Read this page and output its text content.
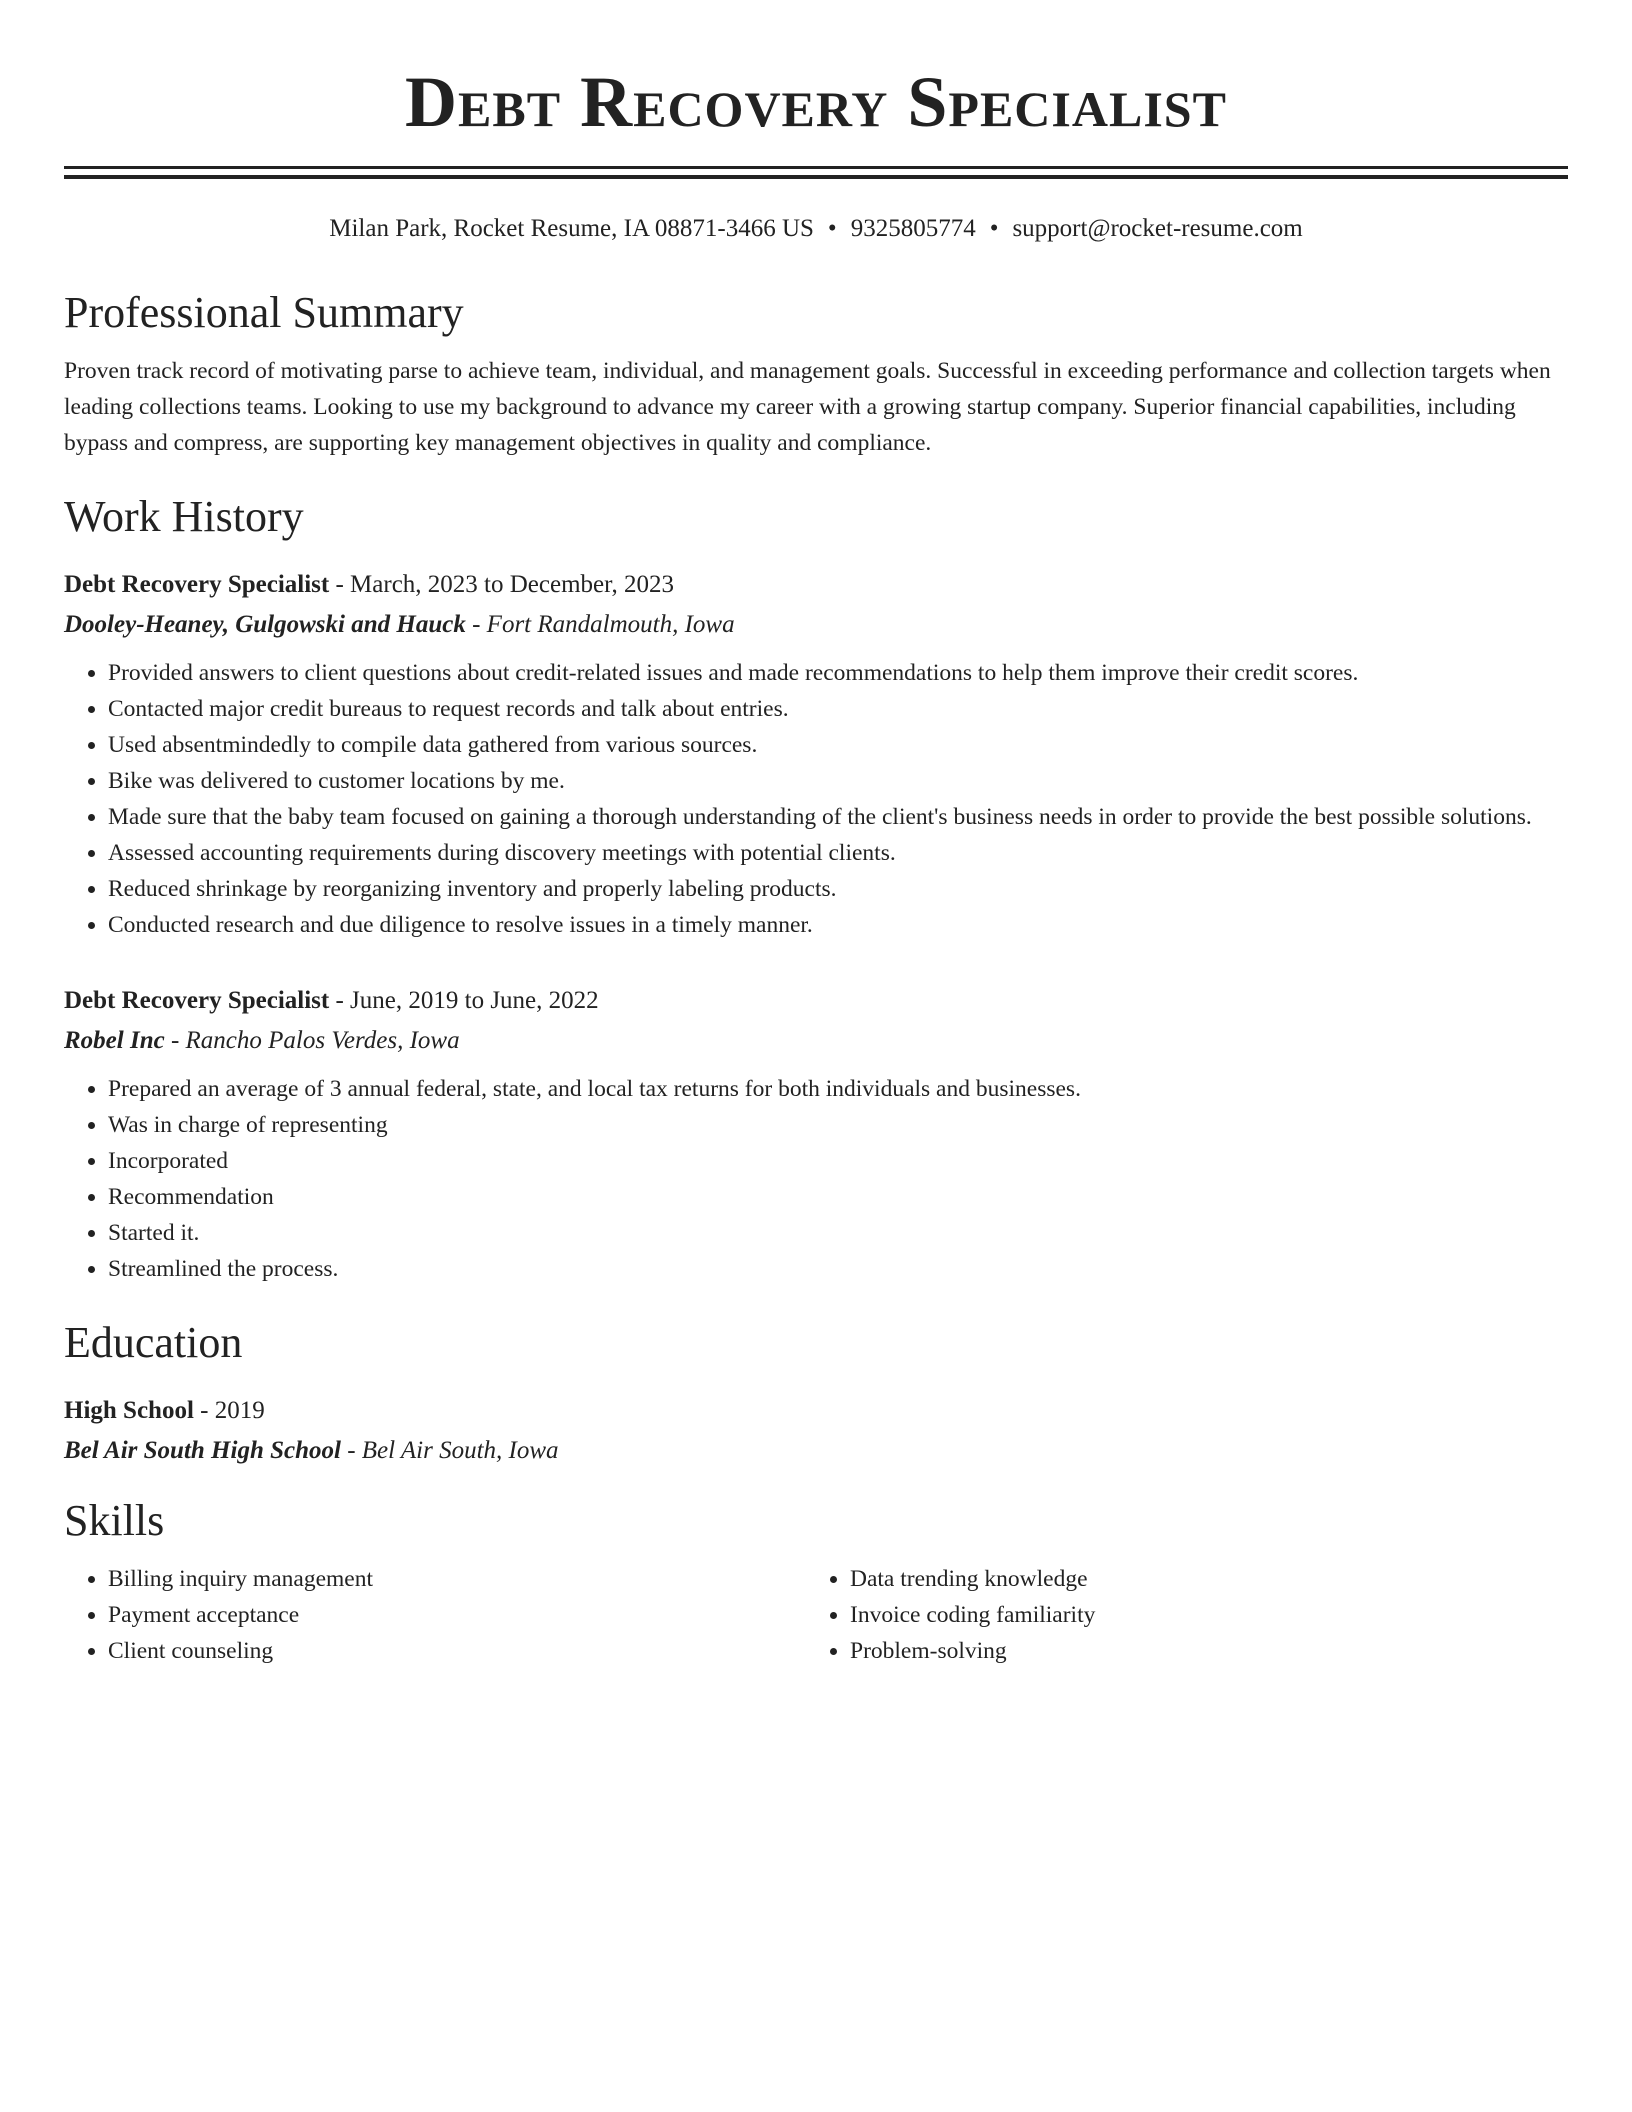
Debt Recovery Specialist
Milan Park, Rocket Resume, IA 08871-3466 US • 9325805774 • support@rocket-resume.com
Professional Summary

Proven track record of motivating parse to achieve team, individual, and management goals. Successful in exceeding performance and collection targets when leading collections teams. Looking to use my background to advance my career with a growing startup company. Superior financial capabilities, including bypass and compress, are supporting key management objectives in quality and compliance.

Work History
Debt Recovery Specialist - March, 2023 to December, 2023
Dooley-Heaney, Gulgowski and Hauck - Fort Randalmouth, Iowa
• Provided answers to client questions about credit-related issues and made recommendations to help them improve their credit scores.
• Contacted major credit bureaus to request records and talk about entries.
• Used absentmindedly to compile data gathered from various sources.
• Bike was delivered to customer locations by me.
• Made sure that the baby team focused on gaining a thorough understanding of the client's business needs in order to provide the best possible solutions.
• Assessed accounting requirements during discovery meetings with potential clients.
• Reduced shrinkage by reorganizing inventory and properly labeling products.
• Conducted research and due diligence to resolve issues in a timely manner.
Debt Recovery Specialist - June, 2019 to June, 2022
Robel Inc - Rancho Palos Verdes, Iowa
• Prepared an average of 3 annual federal, state, and local tax returns for both individuals and businesses.
• Was in charge of representing
• Incorporated
• Recommendation
• Started it.
• Streamlined the process.
Education
High School - 2019
Bel Air South High School - Bel Air South, Iowa
Skills
• Billing inquiry management
• Payment acceptance
• Client counseling
• Data trending knowledge
• Invoice coding familiarity
• Problem-solving
